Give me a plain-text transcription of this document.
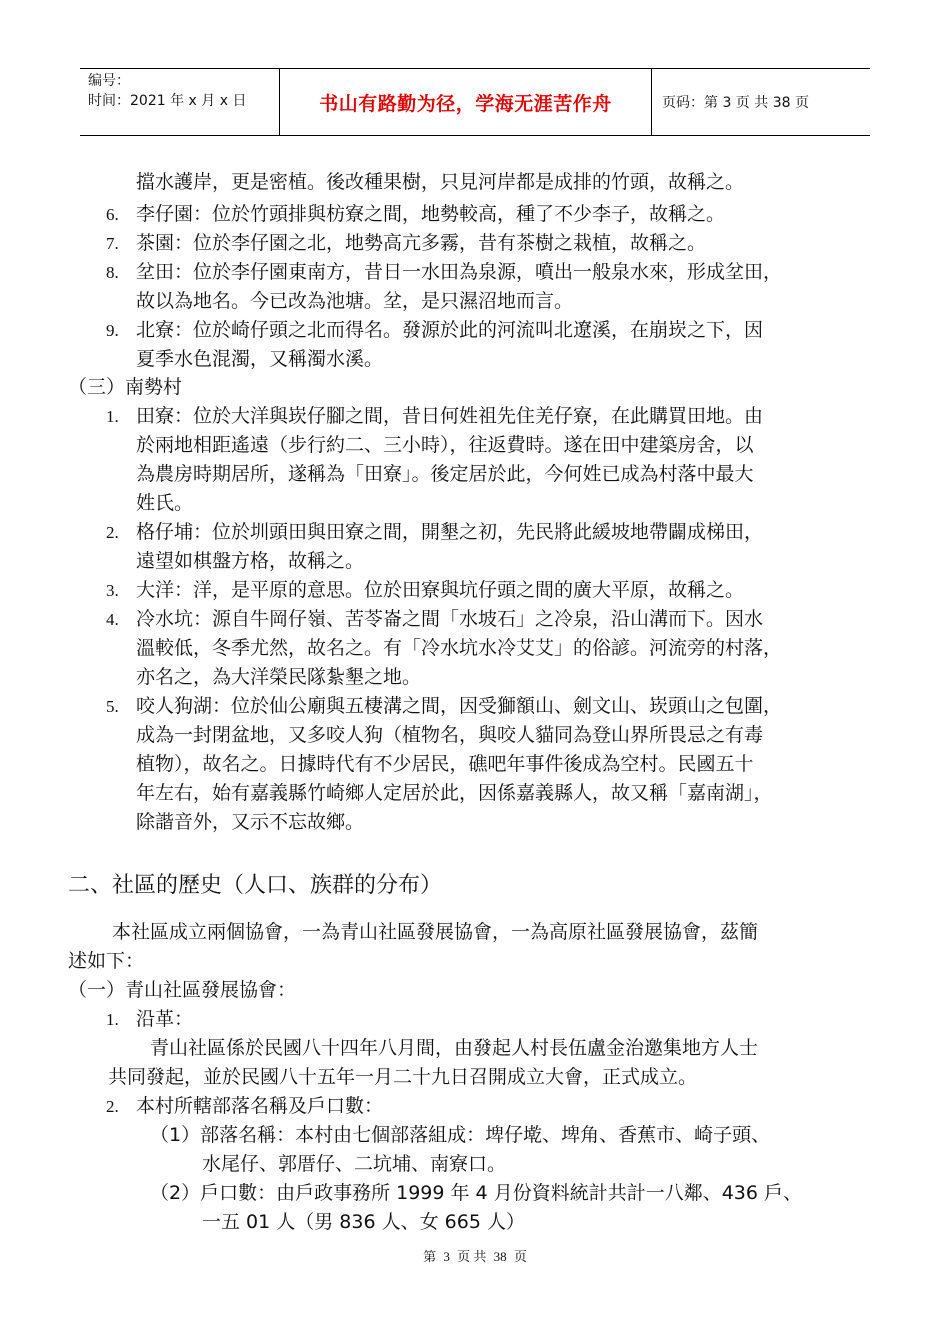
编号：
时间：2021 年 x 月 x 日	书山有路勤为径，学海无涯苦作舟	页码：第 3 页 共 38 页
擋水護岸，更是密植。後改種果樹，只見河岸都是成排的竹頭，故稱之。
6. 李仔園：位於竹頭排與枋寮之間，地勢較高，種了不少李子，故稱之。
7. 茶園：位於李仔園之北，地勢高亢多霧，昔有茶樹之栽植，故稱之。
8. 坌田：位於李仔園東南方，昔日一水田為泉源，噴出一般泉水來，形成坌田，
故以為地名。今已改為池塘。坌，是只濕沼地而言。
9. 北寮：位於崎仔頭之北而得名。發源於此的河流叫北遼溪，在崩崁之下，因
夏季水色混濁，又稱濁水溪。
（三）南勢村
1. 田寮：位於大洋與崁仔腳之間，昔日何姓祖先住羌仔寮，在此購買田地。由
於兩地相距遙遠（步行約二、三小時），往返費時。遂在田中建築房舍，以
為農房時期居所，遂稱為「田寮」。後定居於此，今何姓已成為村落中最大
姓氏。
2. 格仔埔：位於圳頭田與田寮之間，開墾之初，先民將此緩坡地帶闢成梯田，
遠望如棋盤方格，故稱之。
3. 大洋：洋，是平原的意思。位於田寮與坑仔頭之間的廣大平原，故稱之。
4. 冷水坑：源自牛岡仔嶺、苦苓崙之間「水坡石」之冷泉，沿山溝而下。因水
溫較低，冬季尤然，故名之。有「冷水坑水冷艾艾」的俗諺。河流旁的村落，
亦名之，為大洋榮民隊紮墾之地。
5. 咬人狗湖：位於仙公廟與五棲溝之間，因受獅額山、劍文山、崁頭山之包圍，
成為一封閉盆地，又多咬人狗（植物名，與咬人貓同為登山界所畏忌之有毒
植物），故名之。日據時代有不少居民，礁吧年事件後成為空村。民國五十
年左右，始有嘉義縣竹崎鄉人定居於此，因係嘉義縣人，故又稱「嘉南湖」，
除諧音外，又示不忘故鄉。
二、社區的歷史（人口、族群的分布）
本社區成立兩個協會，一為青山社區發展協會，一為高原社區發展協會，茲簡
述如下：
（一）青山社區發展協會：
1. 沿革：
青山社區係於民國八十四年八月間，由發起人村長伍盧金治邀集地方人士
共同發起，並於民國八十五年一月二十九日召開成立大會，正式成立。
2. 本村所轄部落名稱及戶口數：
（1）部落名稱：本村由七個部落組成：埤仔墘、埤角、香蕉市、崎子頭、
水尾仔、郭厝仔、二坑埔、南寮口。
（2）戶口數：由戶政事務所 1999 年 4 月份資料統計共計一八鄰、436 戶、
一五 01 人（男 836 人、女 665 人）
第 3 页 共 38 页
